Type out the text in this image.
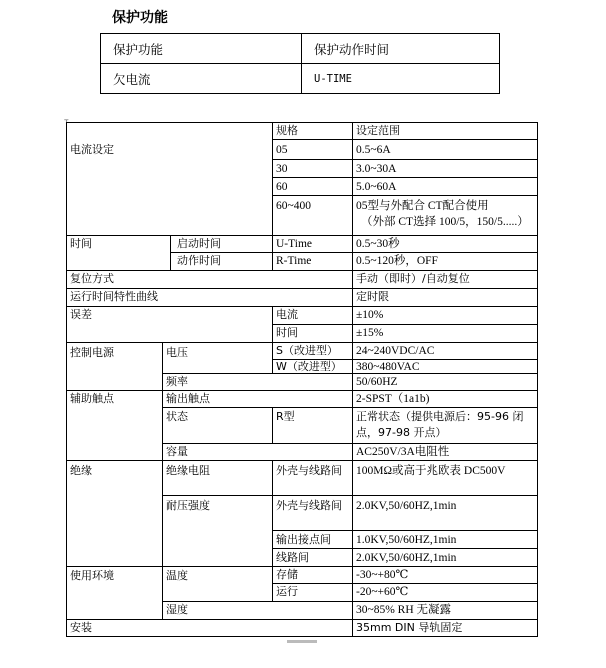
保护功能
保护功能	保护动作时间
欠电流	U-TIME
т
电流设定
规格	设定范围
05	0.5~6A
30	3.0~30A
60	5.0~60A
60~400	05型与外配合 CT配合使用
（外部 CT选择 100/5，150/5.....）
时间	启动时间	U-Time	0.5~30秒
动作时间	R-Time	0.5~120秒，OFF
复位方式	手动（即时）/自动复位
运行时间特性曲线	定时限
误差	电流	±10%
时间	±15%
控制电源	电压	S（改进型）	24~240VDC/AC
W（改进型）	380~480VAC
频率	50/60HZ
辅助触点	输出触点	2-SPST（1a1b)
状态	R型	正常状态（提供电源后：95-96 闭点，97-98 开点）
容量	AC250V/3A电阻性
绝缘	绝缘电阻	外壳与线路间	100MΩ或高于兆欧表 DC500V
耐压强度	外壳与线路间	2.0KV,50/60HZ,1min
输出接点间	1.0KV,50/60HZ,1min
线路间	2.0KV,50/60HZ,1min
使用环境	温度	存储	-30~+80℃
运行	-20~+60℃
湿度	30~85% RH 无凝露
安装	35mm DIN 导轨固定
